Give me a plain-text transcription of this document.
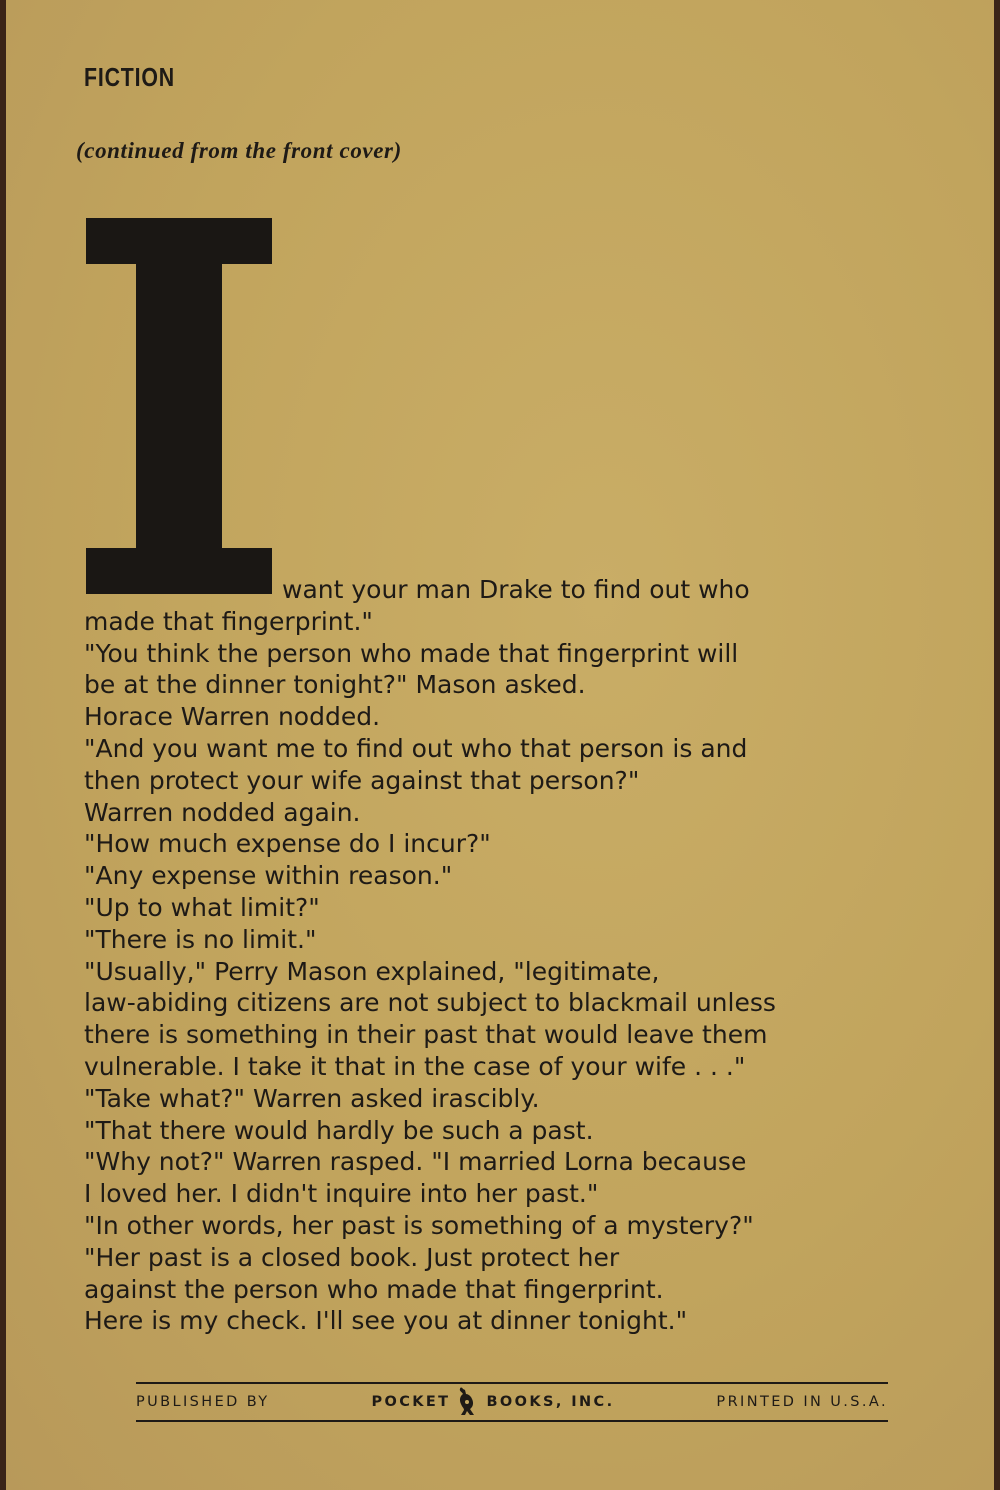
FICTION
(continued from the front cover)
want your man Drake to find out who
made that fingerprint."
"You think the person who made that fingerprint will
be at the dinner tonight?" Mason asked.
Horace Warren nodded.
"And you want me to find out who that person is and
then protect your wife against that person?"
Warren nodded again.
"How much expense do I incur?"
"Any expense within reason."
"Up to what limit?"
"There is no limit."
"Usually," Perry Mason explained, "legitimate,
law-abiding citizens are not subject to blackmail unless
there is something in their past that would leave them
vulnerable. I take it that in the case of your wife . . ."
"Take what?" Warren asked irascibly.
"That there would hardly be such a past.
"Why not?" Warren rasped. "I married Lorna because
I loved her. I didn't inquire into her past."
"In other words, her past is something of a mystery?"
"Her past is a closed book. Just protect her
against the person who made that fingerprint.
Here is my check. I'll see you at dinner tonight."
PUBLISHED BY	POCKET BOOKS, INC.	PRINTED IN U.S.A.
